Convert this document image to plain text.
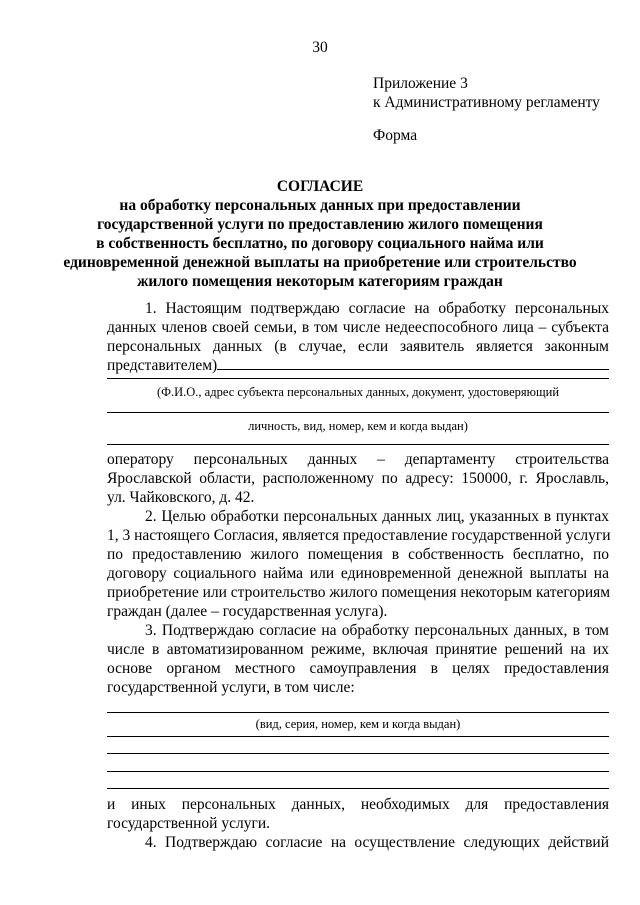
30
Приложение 3
к Административному регламенту
Форма
СОГЛАСИЕ
на обработку персональных данных при предоставлении
государственной услуги по предоставлению жилого помещения
в собственность бесплатно, по договору социального найма или
единовременной денежной выплаты на приобретение или строительство
жилого помещения некоторым категориям граждан
1. Настоящим подтверждаю согласие на обработку персональных
данных членов своей семьи, в том числе недееспособного лица – субъекта
персональных данных (в случае, если заявитель является законным
представителем)
(Ф.И.О., адрес субъекта персональных данных, документ, удостоверяющий
личность, вид, номер, кем и когда выдан)
оператору персональных данных – департаменту строительства
Ярославской области, расположенному по адресу: 150000, г. Ярославль,
ул. Чайковского, д. 42.
2. Целью обработки персональных данных лиц, указанных в пунктах
1, 3 настоящего Согласия, является предоставление государственной услуги
по предоставлению жилого помещения в собственность бесплатно, по
договору социального найма или единовременной денежной выплаты на
приобретение или строительство жилого помещения некоторым категориям
граждан (далее – государственная услуга).
3. Подтверждаю согласие на обработку персональных данных, в том
числе в автоматизированном режиме, включая принятие решений на их
основе органом местного самоуправления в целях предоставления
государственной услуги, в том числе:
(вид, серия, номер, кем и когда выдан)
и иных персональных данных, необходимых для предоставления
государственной услуги.
4. Подтверждаю согласие на осуществление следующих действий
